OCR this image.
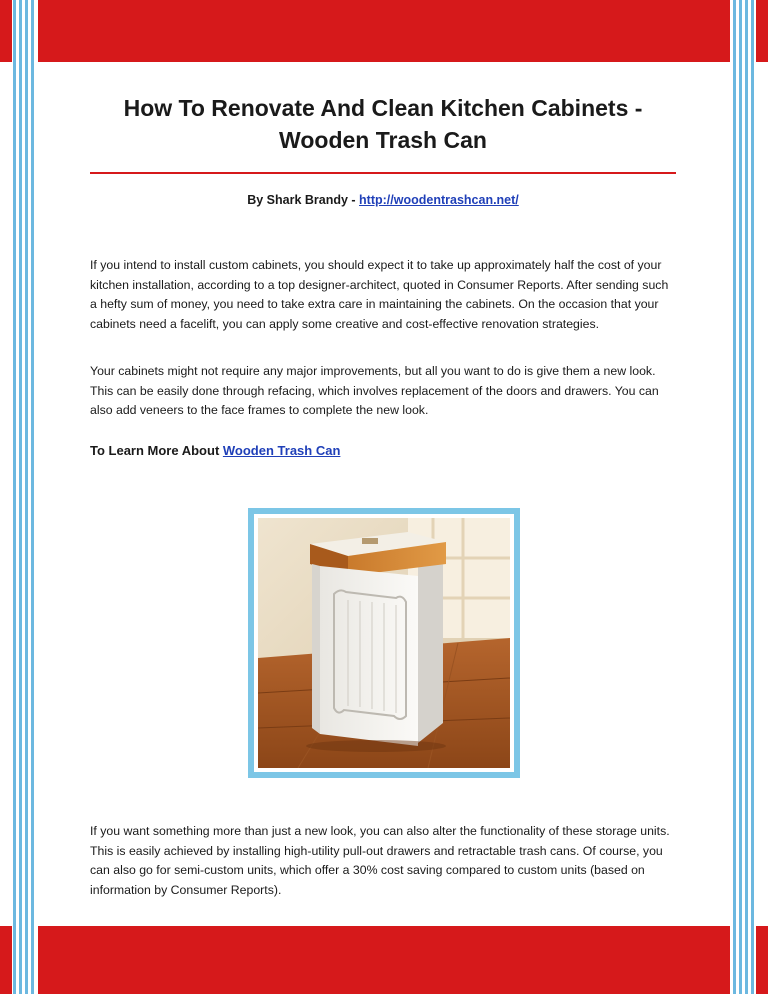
How To Renovate And Clean Kitchen Cabinets -
Wooden Trash Can
By Shark Brandy - http://woodentrashcan.net/

If you intend to install custom cabinets, you should expect it to take up approximately half the cost of your kitchen installation, according to a top designer-architect, quoted in Consumer Reports. After sending such a hefty sum of money, you need to take extra care in maintaining the cabinets. On the occasion that your cabinets need a facelift, you can apply some creative and cost-effective renovation strategies.

Your cabinets might not require any major improvements, but all you want to do is give them a new look. This can be easily done through refacing, which involves replacement of the doors and drawers. You can also add veneers to the face frames to complete the new look.

To Learn More About Wooden Trash Can

If you want something more than just a new look, you can also alter the functionality of these storage units. This is easily achieved by installing high-utility pull-out drawers and retractable trash cans. Of course, you can also go for semi-custom units, which offer a 30% cost saving compared to custom units (based on information by Consumer Reports).
